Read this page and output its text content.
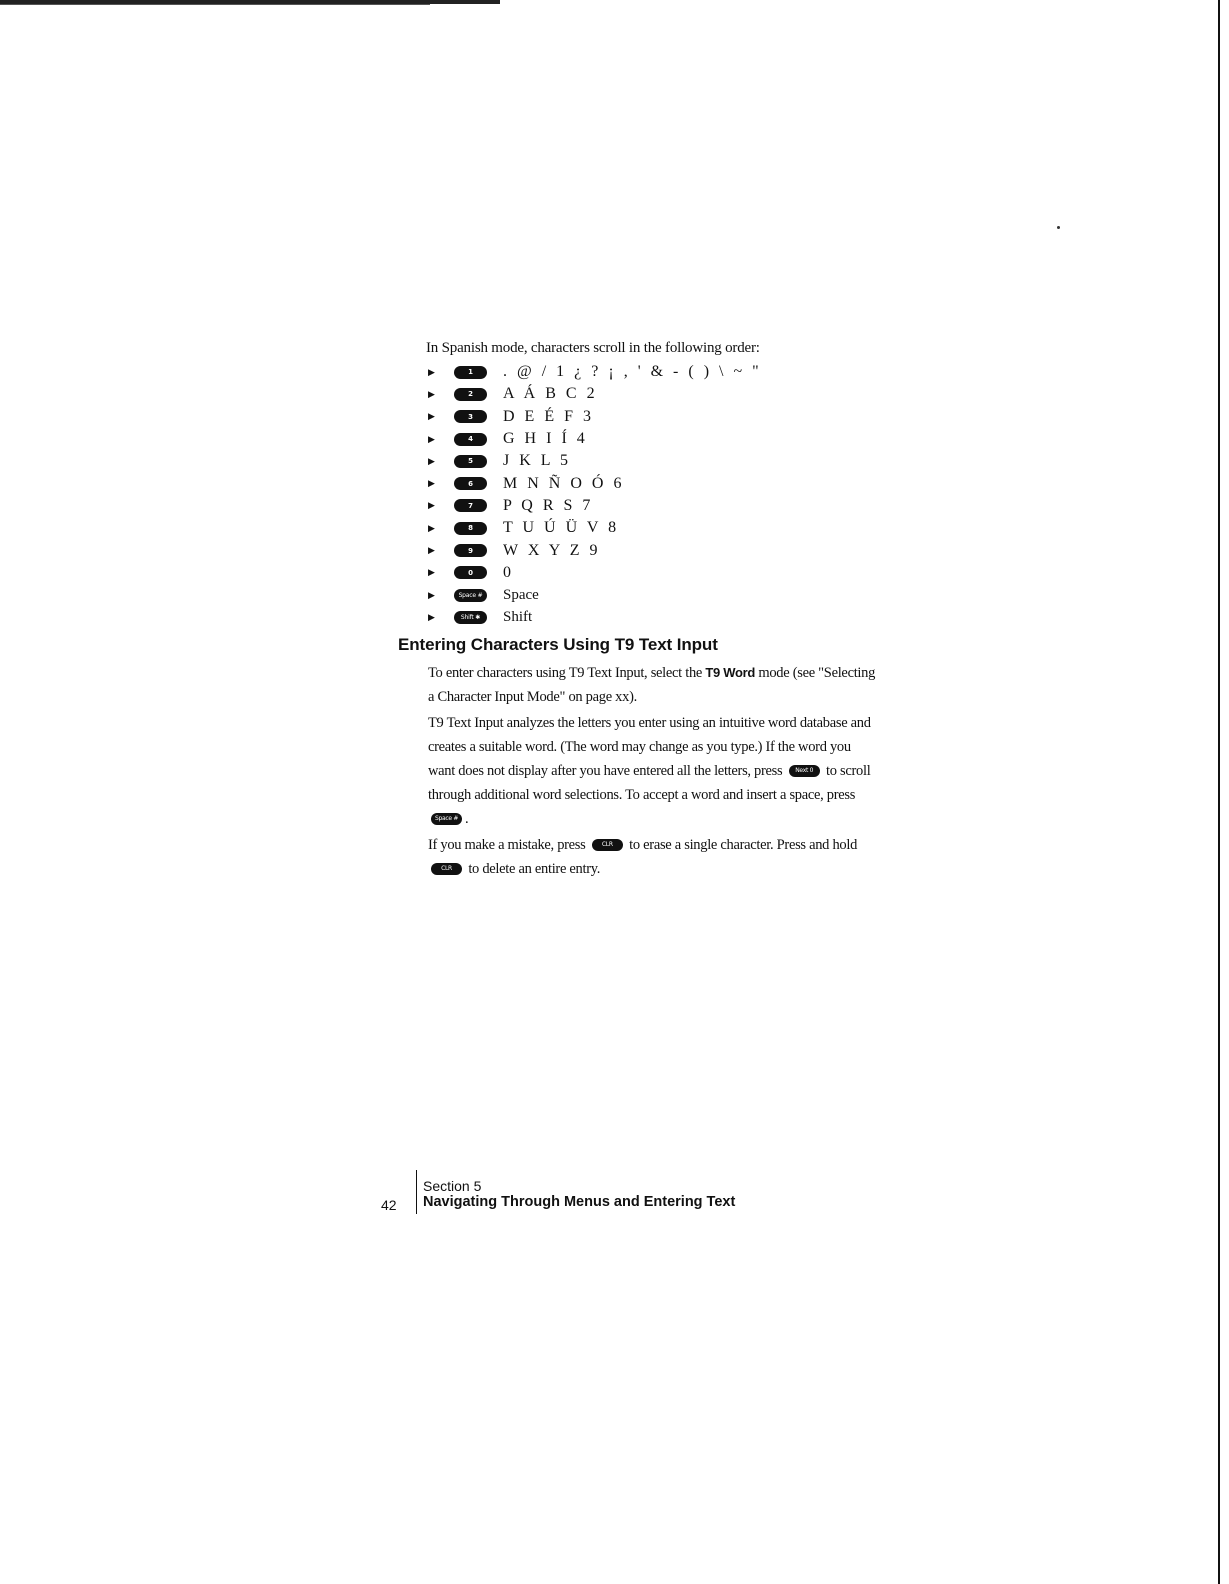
In Spanish mode, characters scroll in the following order:

▶	1	. @ / 1 ¿ ? ¡ , ' & - ( ) \ ~ "
▶	2	A Á B C 2
▶	3	D E É F 3
▶	4	G H I Í 4
▶	5	J K L 5
▶	6	M N Ñ O Ó 6
▶	7	P Q R S 7
▶	8	T U Ú Ü V 8
▶	9	W X Y Z 9
▶	0	0
▶	Space #	Space
▶	Shift ✱	Shift
Entering Characters Using T9 Text Input

To enter characters using T9 Text Input, select the T9 Word mode (see "Selecting a Character Input Mode" on page xx).

T9 Text Input analyzes the letters you enter using an intuitive word database and creates a suitable word. (The word may change as you type.) If the word you want does not display after you have entered all the letters, press Next 0 to scroll through additional word selections. To accept a word and insert a space, press Space # .

If you make a mistake, press CLR to erase a single character. Press and hold CLR to delete an entire entry.

Section 5
Navigating Through Menus and Entering Text
42
